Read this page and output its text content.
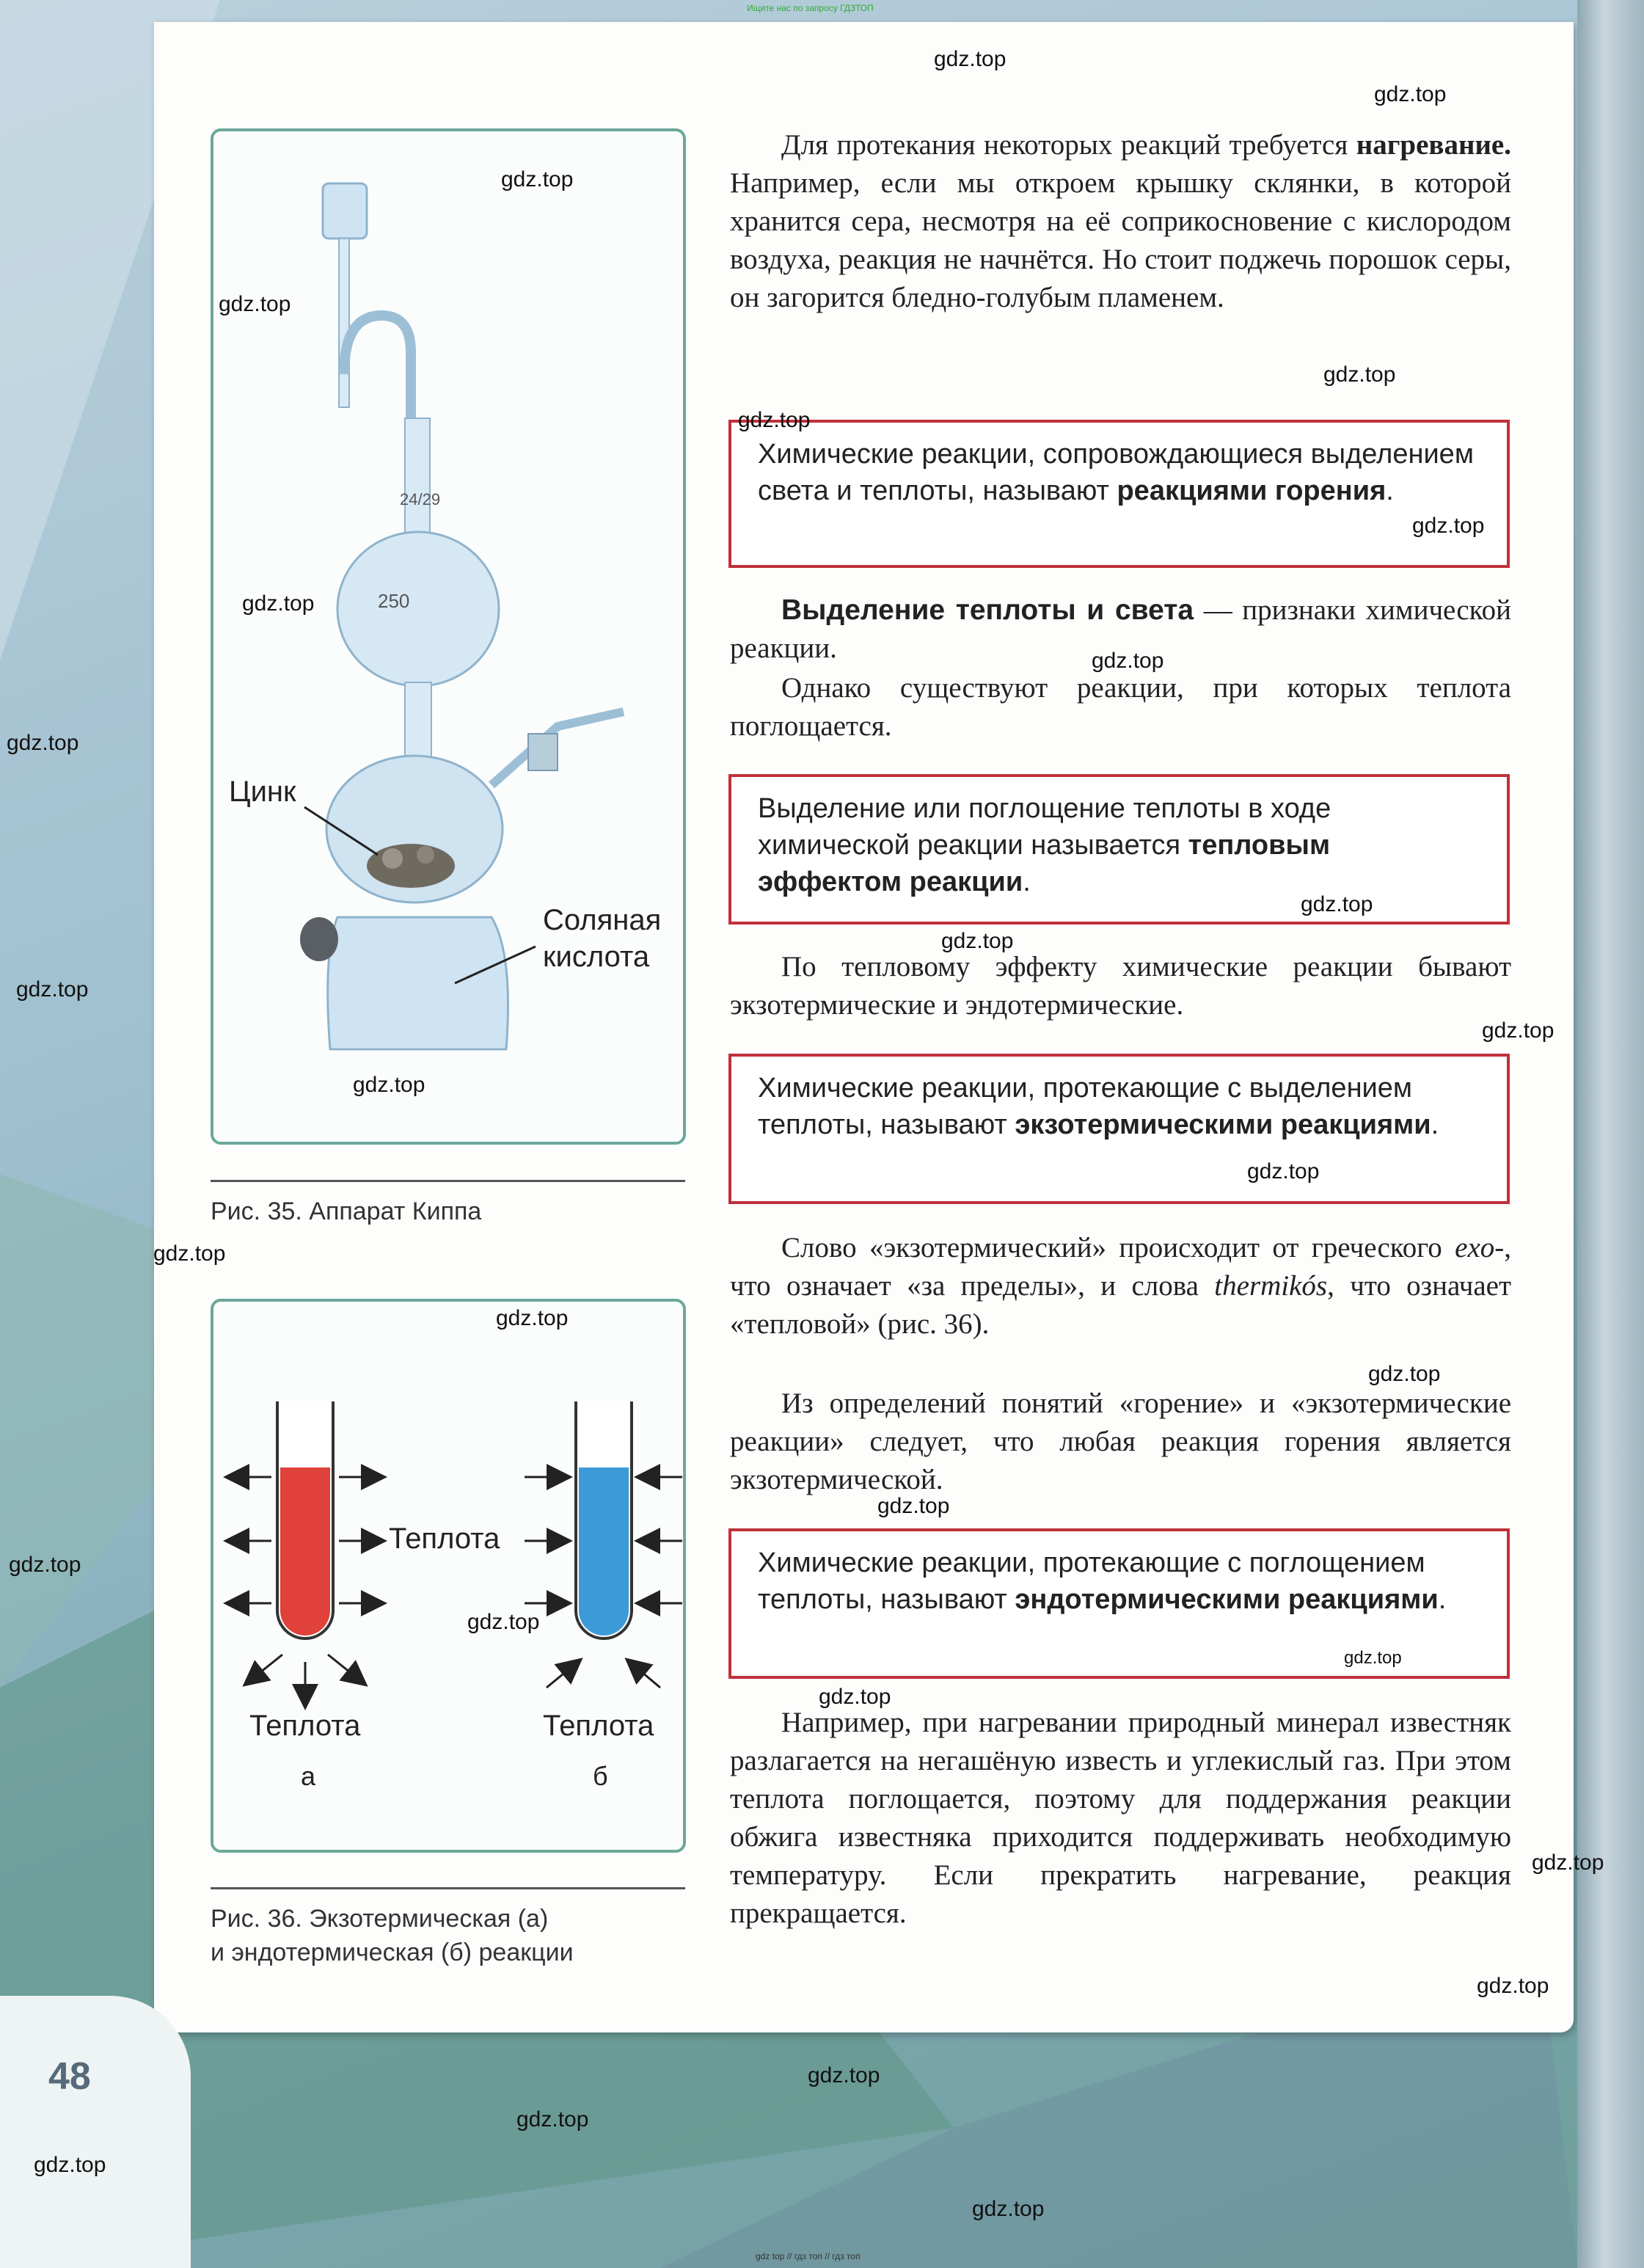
48
Ищите нас по запросу ГДЗТОП
gdz top // гдз топ // гдз топ
24/29
250
Цинк
Соляная
кислота
Рис. 35. Аппарат Киппа
Теплота
Теплота	Теплота
а	б
Рис. 36. Экзотермическая (а)
и эндотермическая (б) реакции
Для протекания некоторых реакций требуется нагревание. Например, если мы откроем крышку склянки, в которой хранится сера, несмотря на её соприкосновение с кислородом воздуха, реакция не начнётся. Но стоит поджечь порошок серы, он загорится бледно-голубым пламенем.
Химические реакции, сопровождающиеся выделением света и теплоты, называют реакциями горения.
Выделение теплоты и света — признаки химической реакции.
Однако существуют реакции, при которых теплота поглощается.
Выделение или поглощение теплоты в ходе химической реакции называется тепловым эффектом реакции.
По тепловому эффекту химические реакции бывают экзотермические и эндотермические.
Химические реакции, протекающие с выделением теплоты, называют экзотермическими реакциями.
Слово «экзотермический» происходит от греческого exo-, что означает «за пределы», и слова thermikós, что означает «тепловой» (рис. 36).
Из определений понятий «горение» и «экзотермические реакции» следует, что любая реакция горения является экзотермической.
Химические реакции, протекающие с поглощением теплоты, называют эндотермическими реакциями.
Например, при нагревании природный минерал известняк разлагается на негашёную известь и углекислый газ. При этом теплота поглощается, поэтому для поддержания реакции обжига известняка приходится поддерживать необходимую температуру. Если прекратить нагревание, реакция прекращается.
gdz.top
gdz.top
gdz.top
gdz.top
gdz.top
gdz.top
gdz.top
gdz.top
gdz.top
gdz.top
gdz.top
gdz.top
gdz.top
gdz.top
gdz.top
gdz.top
gdz.top
gdz.top
gdz.top
gdz.top
gdz.top
gdz.top
gdz.top
gdz.top
gdz.top
gdz.top
gdz.top
gdz.top
gdz.top
gdz.top
